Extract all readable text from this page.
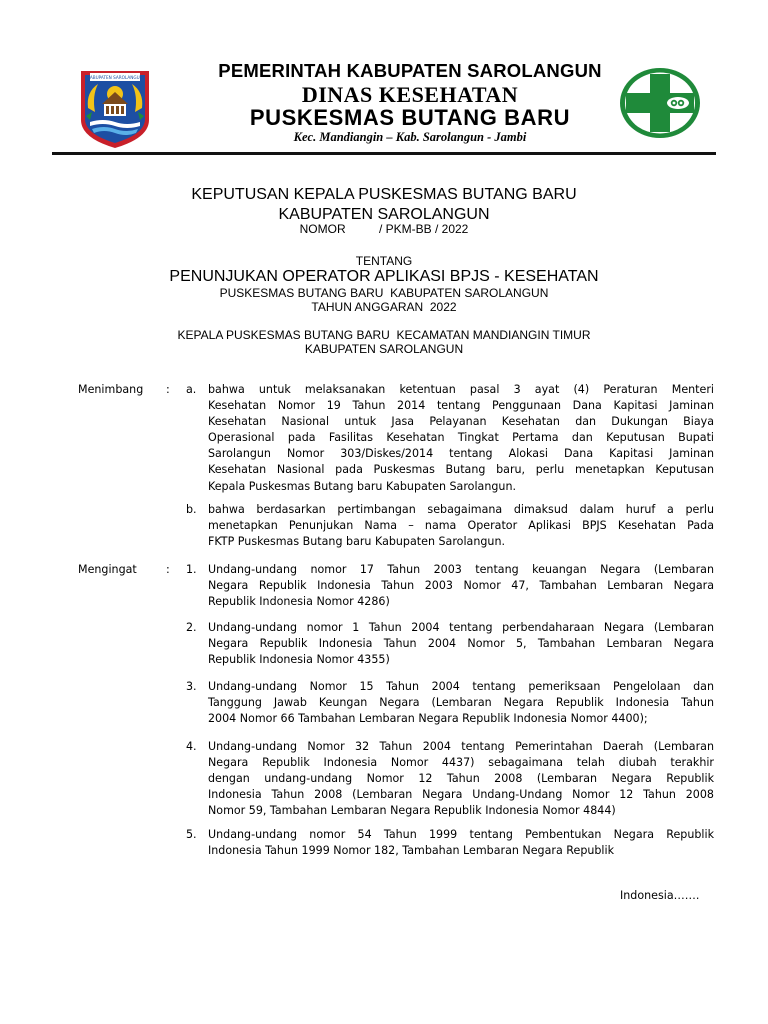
KABUPATEN SAROLANGUN	PEMERINTAH KABUPATEN SAROLANGUN
DINAS KESEHATAN
PUSKESMAS BUTANG BARU
Kec. Mandiangin – Kab. Sarolangun - Jambi
KEPUTUSAN KEPALA PUSKESMAS BUTANG BARU
KABUPATEN SAROLANGUN
NOMOR          / PKM-BB / 2022
TENTANG
PENUNJUKAN OPERATOR APLIKASI BPJS - KESEHATAN
PUSKESMAS BUTANG BARU  KABUPATEN SAROLANGUN
TAHUN ANGGARAN  2022
KEPALA PUSKESMAS BUTANG BARU  KECAMATAN MANDIANGIN TIMUR
KABUPATEN SAROLANGUN
Menimbang : a. bahwa untuk melaksanakan ketentuan pasal 3 ayat (4) Peraturan Menteri
Kesehatan Nomor 19 Tahun 2014 tentang Penggunaan Dana Kapitasi Jaminan
Kesehatan Nasional untuk Jasa Pelayanan Kesehatan dan Dukungan Biaya
Operasional pada Fasilitas Kesehatan Tingkat Pertama dan Keputusan Bupati
Sarolangun Nomor 303/Diskes/2014 tentang Alokasi Dana Kapitasi Jaminan
Kesehatan Nasional pada Puskesmas Butang baru, perlu menetapkan Keputusan
Kepala Puskesmas Butang baru Kabupaten Sarolangun.
b. bahwa berdasarkan pertimbangan sebagaimana dimaksud dalam huruf a perlu
menetapkan Penunjukan Nama – nama Operator Aplikasi BPJS Kesehatan Pada
FKTP Puskesmas Butang baru Kabupaten Sarolangun.
Mengingat	: 1. Undang-undang nomor 17 Tahun 2003 tentang keuangan Negara (Lembaran
Negara Republik Indonesia Tahun 2003 Nomor 47, Tambahan Lembaran Negara
Republik Indonesia Nomor 4286)
2. Undang-undang nomor 1 Tahun 2004 tentang perbendaharaan Negara (Lembaran
Negara Republik Indonesia Tahun 2004 Nomor 5, Tambahan Lembaran Negara
Republik Indonesia Nomor 4355)
3. Undang-undang Nomor 15 Tahun 2004 tentang pemeriksaan Pengelolaan dan
Tanggung Jawab Keungan Negara (Lembaran Negara Republik Indonesia Tahun
2004 Nomor 66 Tambahan Lembaran Negara Republik Indonesia Nomor 4400);
4. Undang-undang Nomor 32 Tahun 2004 tentang Pemerintahan Daerah (Lembaran
Negara Republik Indonesia Nomor 4437) sebagaimana telah diubah terakhir
dengan undang-undang Nomor 12 Tahun 2008 (Lembaran Negara Republik
Indonesia Tahun 2008 (Lembaran Negara Undang-Undang Nomor 12 Tahun 2008
Nomor 59, Tambahan Lembaran Negara Republik Indonesia Nomor 4844)
5. Undang-undang nomor 54 Tahun 1999 tentang Pembentukan Negara Republik
Indonesia Tahun 1999 Nomor 182, Tambahan Lembaran Negara Republik
Indonesia…….
